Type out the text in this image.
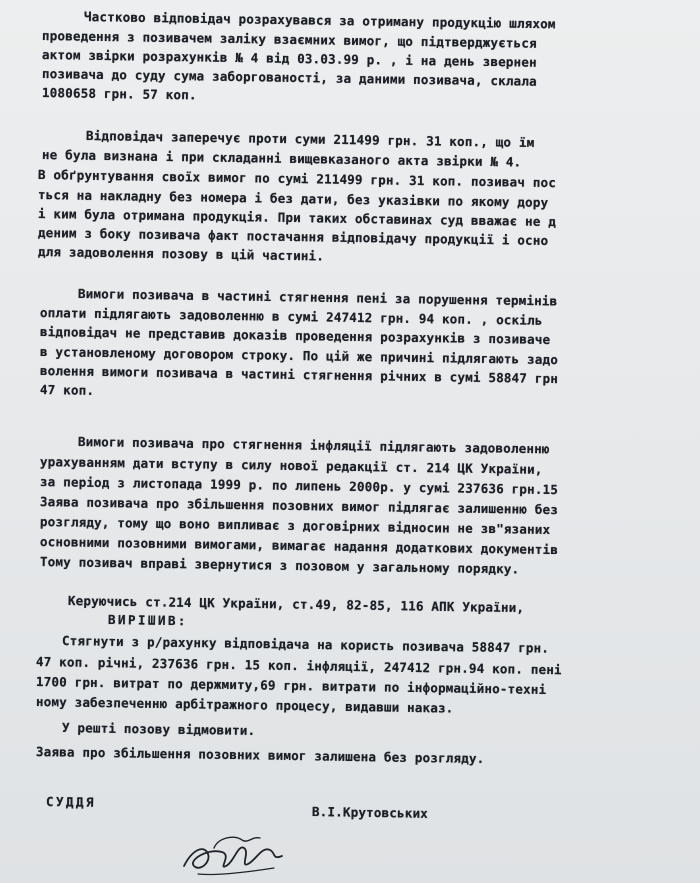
Частково відповідач розрахувався за отриману продукцію шляхом
проведення з позивачем заліку взаємних вимог, що підтверджується
актом звірки розрахунків № 4 від 03.03.99 р. , і на день звернен
позивача до суду сума заборгованості, за даними позивача, склала
1080658 грн. 57 коп.
Відповідач заперечує проти суми 211499 грн. 31 коп., що їм
не була визнана і при складанні вищевказаного акта звірки № 4.
В обґрунтування своїх вимог по сумі 211499 грн. 31 коп. позивач пос
ться на накладну без номера і без дати, без указівки по якому дору
і ким була отримана продукція. При таких обставинах суд вважає не д
деним з боку позивача факт постачання відповідачу продукції і осно
для задоволення позову в цій частині.
Вимоги позивача в частині стягнення пені за порушення термінів
оплати підлягають задоволенню в сумі 247412 грн. 94 коп. , оскіль
відповідач не представив доказів проведення розрахунків з позиваче
в установленому договором строку. По цій же причині підлягають задо
волення вимоги позивача в частині стягнення річних в сумі 58847 грн
47 коп.
Вимоги позивача про стягнення інфляції підлягають задоволенню
урахуванням дати вступу в силу нової редакції ст. 214 ЦК України,
за період з листопада 1999 р. по липень 2000р. у сумі 237636 грн.15
Заява позивача про збільшення позовних вимог підлягає залишенню без
розгляду, тому що воно випливає з договірних відносин не зв"язаних
основними позовними вимогами, вимагає надання додаткових документів
Тому позивач вправі звернутися з позовом у загальному порядку.
Керуючись ст.214 ЦК України, ст.49, 82-85, 116 АПК України,
ВИРІШИВ:
Стягнути з р/рахунку відповідача на користь позивача 58847 грн.
47 коп. річні, 237636 грн. 15 коп. інфляції, 247412 грн.94 коп. пені
1700 грн. витрат по держмиту,69 грн. витрати по інформаційно-техні
ному забезпеченню арбітражного процесу, видавши наказ.
У решті позову відмовити.
Заява про збільшення позовних вимог залишена без розгляду.
СУДДЯ
В.І.Крутовських
